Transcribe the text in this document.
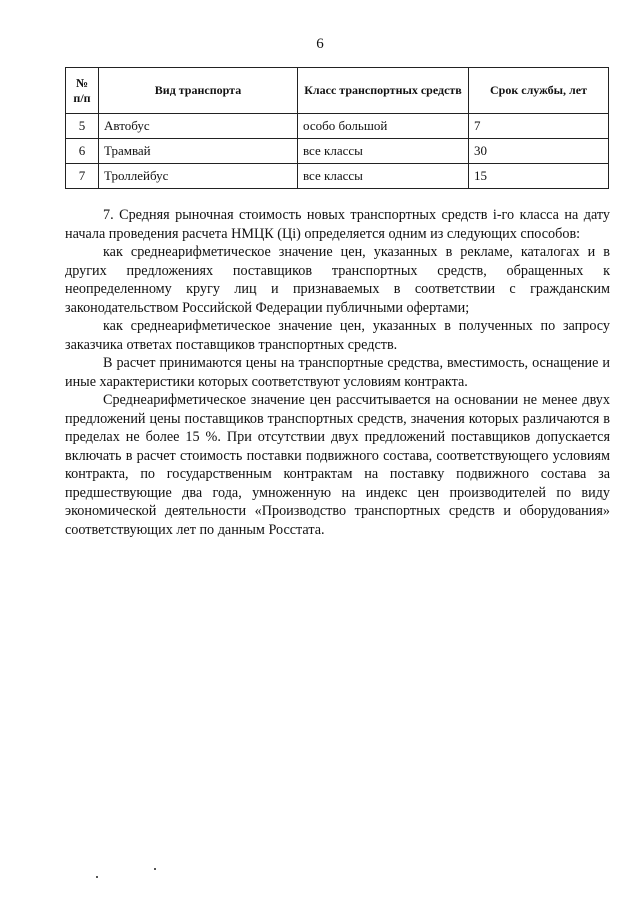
6
№ п/п	Вид транспорта	Класс транспортных средств	Срок службы, лет
5	Автобус	особо большой	7
6	Трамвай	все классы	30
7	Троллейбус	все классы	15

7. Средняя рыночная стоимость новых транспортных средств i-го класса на дату начала проведения расчета НМЦК (Цi) определяется одним из следующих способов:

как среднеарифметическое значение цен, указанных в рекламе, каталогах и в других предложениях поставщиков транспортных средств, обращенных к неопределенному кругу лиц и признаваемых в соответствии с гражданским законодательством Российской Федерации публичными офертами;

как среднеарифметическое значение цен, указанных в полученных по запросу заказчика ответах поставщиков транспортных средств.

В расчет принимаются цены на транспортные средства, вместимость, оснащение и иные характеристики которых соответствуют условиям контракта.

Среднеарифметическое значение цен рассчитывается на основании не менее двух предложений цены поставщиков транспортных средств, значения которых различаются в пределах не более 15 %. При отсутствии двух предложений поставщиков допускается включать в расчет стоимость поставки подвижного состава, соответствующего условиям контракта, по государственным контрактам на поставку подвижного состава за предшествующие два года, умноженную на индекс цен производителей по виду экономической деятельности «Производство транспортных средств и оборудования» соответствующих лет по данным Росстата.
